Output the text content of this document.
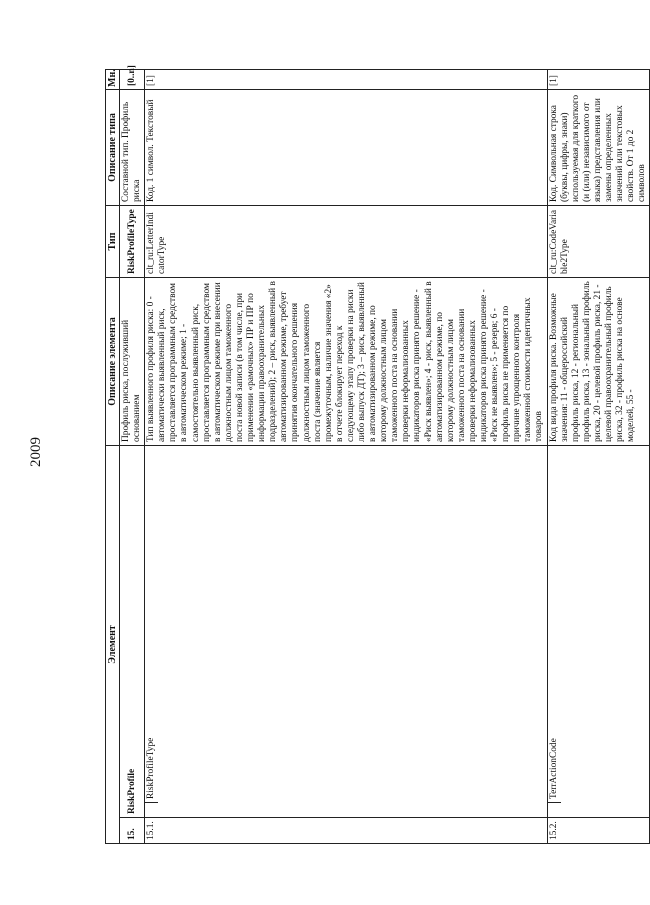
2009
Элемент		Описание элемента	Тип	Описание типа	Мн.
15.	RiskProfile	Профиль риска, послуживший основанием	RiskProfileType	Составной тип. Профиль риска	[0..n]
15.1.	RiskProfileType	Тип выявленного профиля риска: 0 - автоматически выявленный риск, проставляется программным средством в автоматическом режиме; 1 - самостоятельно выявленный риск, проставляется программным средством в автоматическом режиме при внесении должностным лицом таможенного поста новой записи (в том числе, при применении «рамочных» ПР и ПР по информации правоохранительных подразделений); 2 – риск, выявленный в автоматизированном режиме, требует принятия окончательного решения должностным лицом таможенного поста (значение является промежуточным, наличие значения «2» в отчете блокирует переход к следующему этапу проверки на риски либо выпуск ДТ); 3 – риск, выявленный в автоматизированном режиме, по которому должностным лицом таможенного поста на основании проверки неформализованных индикаторов риска принято решение - «Риск выявлен»; 4 - риск, выявленный в автоматизированном режиме, по которому должностным лицом таможенного поста на основании проверки неформализованных индикаторов риска принято решение - «Риск не выявлен»; 5 - резерв; 6 - профиль риска не применяется по причине упрощенного контроля таможенной стоимости идентичных товаров	clt_ru:LetterIndicatorType	Код. 1 символ. Текстовый	[1]
15.2.	TerrActionCode	Код вида профиля риска. Возможные значения: 11 - общероссийский профиль риска, 12 - региональный профиль риска, 13 - зональный профиль риска, 20 - целевой профиль риска, 21 - целевой правоохранительный профиль риска, 32 - профиль риска на основе моделей, 55 -	clt_ru:CodeVariable2Type	Код. Символьная строка (буквы, цифры, знаки) используемая для краткого (и (или) независимого от языка) представления или замены определенных значений или текстовых свойств. От 1 до 2 символов	[1]
